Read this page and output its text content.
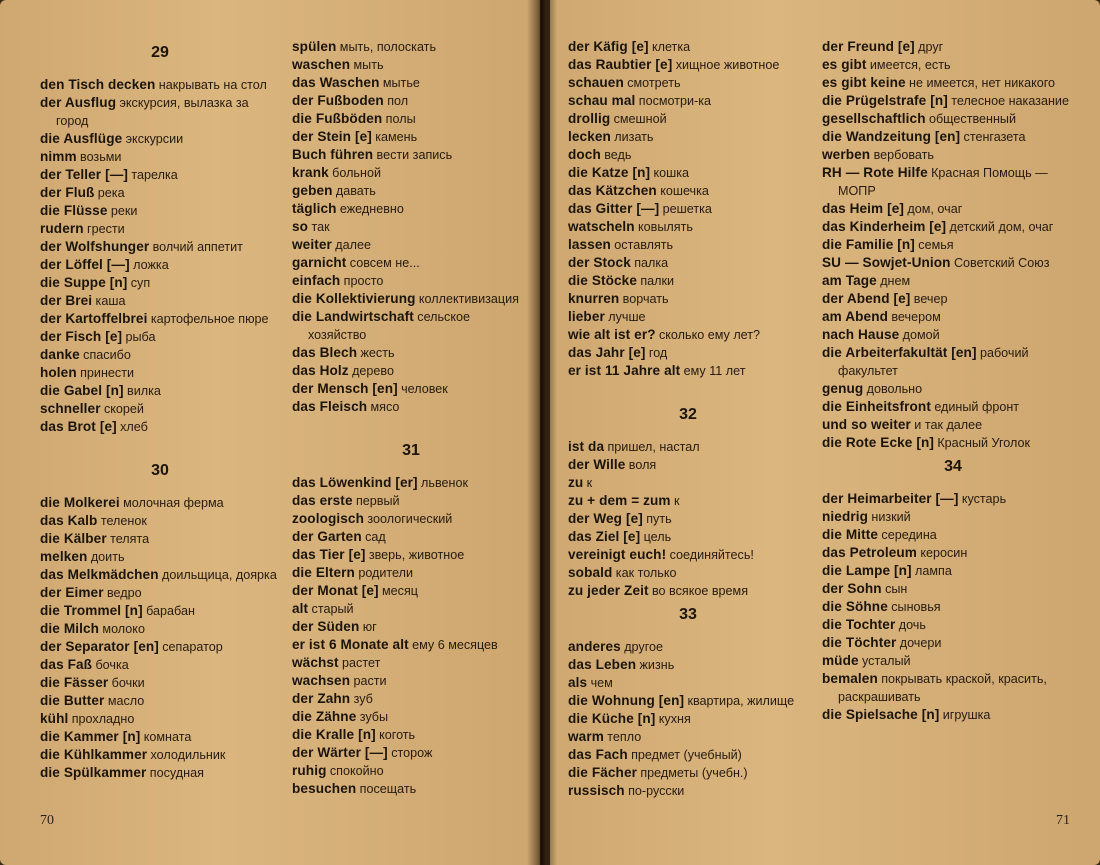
29
den Tisch decken накрывать на стол
der Ausflug экскурсия, вылазка за город
die Ausflüge экскурсии
nimm возьми
der Teller [—] тарелка
der Fluß река
die Flüsse реки
rudern грести
der Wolfshunger волчий аппетит
der Löffel [—] ложка
die Suppe [n] суп
der Brei каша
der Kartoffelbrei картофельное пюре
der Fisch [e] рыба
danke спасибо
holen принести
die Gabel [n] вилка
schneller скорей
das Brot [e] хлеб
30
die Molkerei молочная ферма
das Kalb теленок
die Kälber телята
melken доить
das Melkmädchen доильщица, доярка
der Eimer ведро
die Trommel [n] барабан
die Milch молоко
der Separator [en] сепаратор
das Faß бочка
die Fässer бочки
die Butter масло
kühl прохладно
die Kammer [n] комната
die Kühlkammer холодильник
die Spülkammer посудная
spülen мыть, полоскать
waschen мыть
das Waschen мытье
der Fußboden пол
die Fußböden полы
der Stein [e] камень
Buch führen вести запись
krank больной
geben давать
täglich ежедневно
so так
weiter далее
garnicht совсем не...
einfach просто
die Kollektivierung коллективизация
die Landwirtschaft сельское хозяйство
das Blech жесть
das Holz дерево
der Mensch [en] человек
das Fleisch мясо
31
das Löwenkind [er] львенок
das erste первый
zoologisch зоологический
der Garten сад
das Tier [e] зверь, животное
die Eltern родители
der Monat [e] месяц
alt старый
der Süden юг
er ist 6 Monate alt ему 6 месяцев
wächst растет
wachsen расти
der Zahn зуб
die Zähne зубы
die Kralle [n] коготь
der Wärter [—] сторож
ruhig спокойно
besuchen посещать
70
der Käfig [e] клетка
das Raubtier [e] хищное животное
schauen смотреть
schau mal посмотри-ка
drollig смешной
lecken лизать
doch ведь
die Katze [n] кошка
das Kätzchen кошечка
das Gitter [—] решетка
watscheln ковылять
lassen оставлять
der Stock палка
die Stöcke палки
knurren ворчать
lieber лучше
wie alt ist er? сколько ему лет?
das Jahr [e] год
er ist 11 Jahre alt ему 11 лет
32
ist da пришел, настал
der Wille воля
zu к
zu + dem = zum к
der Weg [e] путь
das Ziel [e] цель
vereinigt euch! соединяйтесь!
sobald как только
zu jeder Zeit во всякое время
33
anderes другое
das Leben жизнь
als чем
die Wohnung [en] квартира, жилище
die Küche [n] кухня
warm тепло
das Fach предмет (учебный)
die Fächer предметы (учебн.)
russisch по-русски
der Freund [e] друг
es gibt имеется, есть
es gibt keine не имеется, нет никакого
die Prügelstrafe [n] телесное наказание
gesellschaftlich общественный
die Wandzeitung [en] стенгазета
werben вербовать
RH — Rote Hilfe Красная Помощь — МОПР
das Heim [e] дом, очаг
das Kinderheim [e] детский дом, очаг
die Familie [n] семья
SU — Sowjet-Union Советский Союз
am Tage днем
der Abend [e] вечер
am Abend вечером
nach Hause домой
die Arbeiterfakultät [en] рабочий факультет
genug довольно
die Einheitsfront единый фронт
und so weiter и так далее
die Rote Ecke [n] Красный Уголок
34
der Heimarbeiter [—] кустарь
niedrig низкий
die Mitte середина
das Petroleum керосин
die Lampe [n] лампа
der Sohn сын
die Söhne сыновья
die Tochter дочь
die Töchter дочери
müde усталый
bemalen покрывать краской, красить, раскрашивать
die Spielsache [n] игрушка
71
